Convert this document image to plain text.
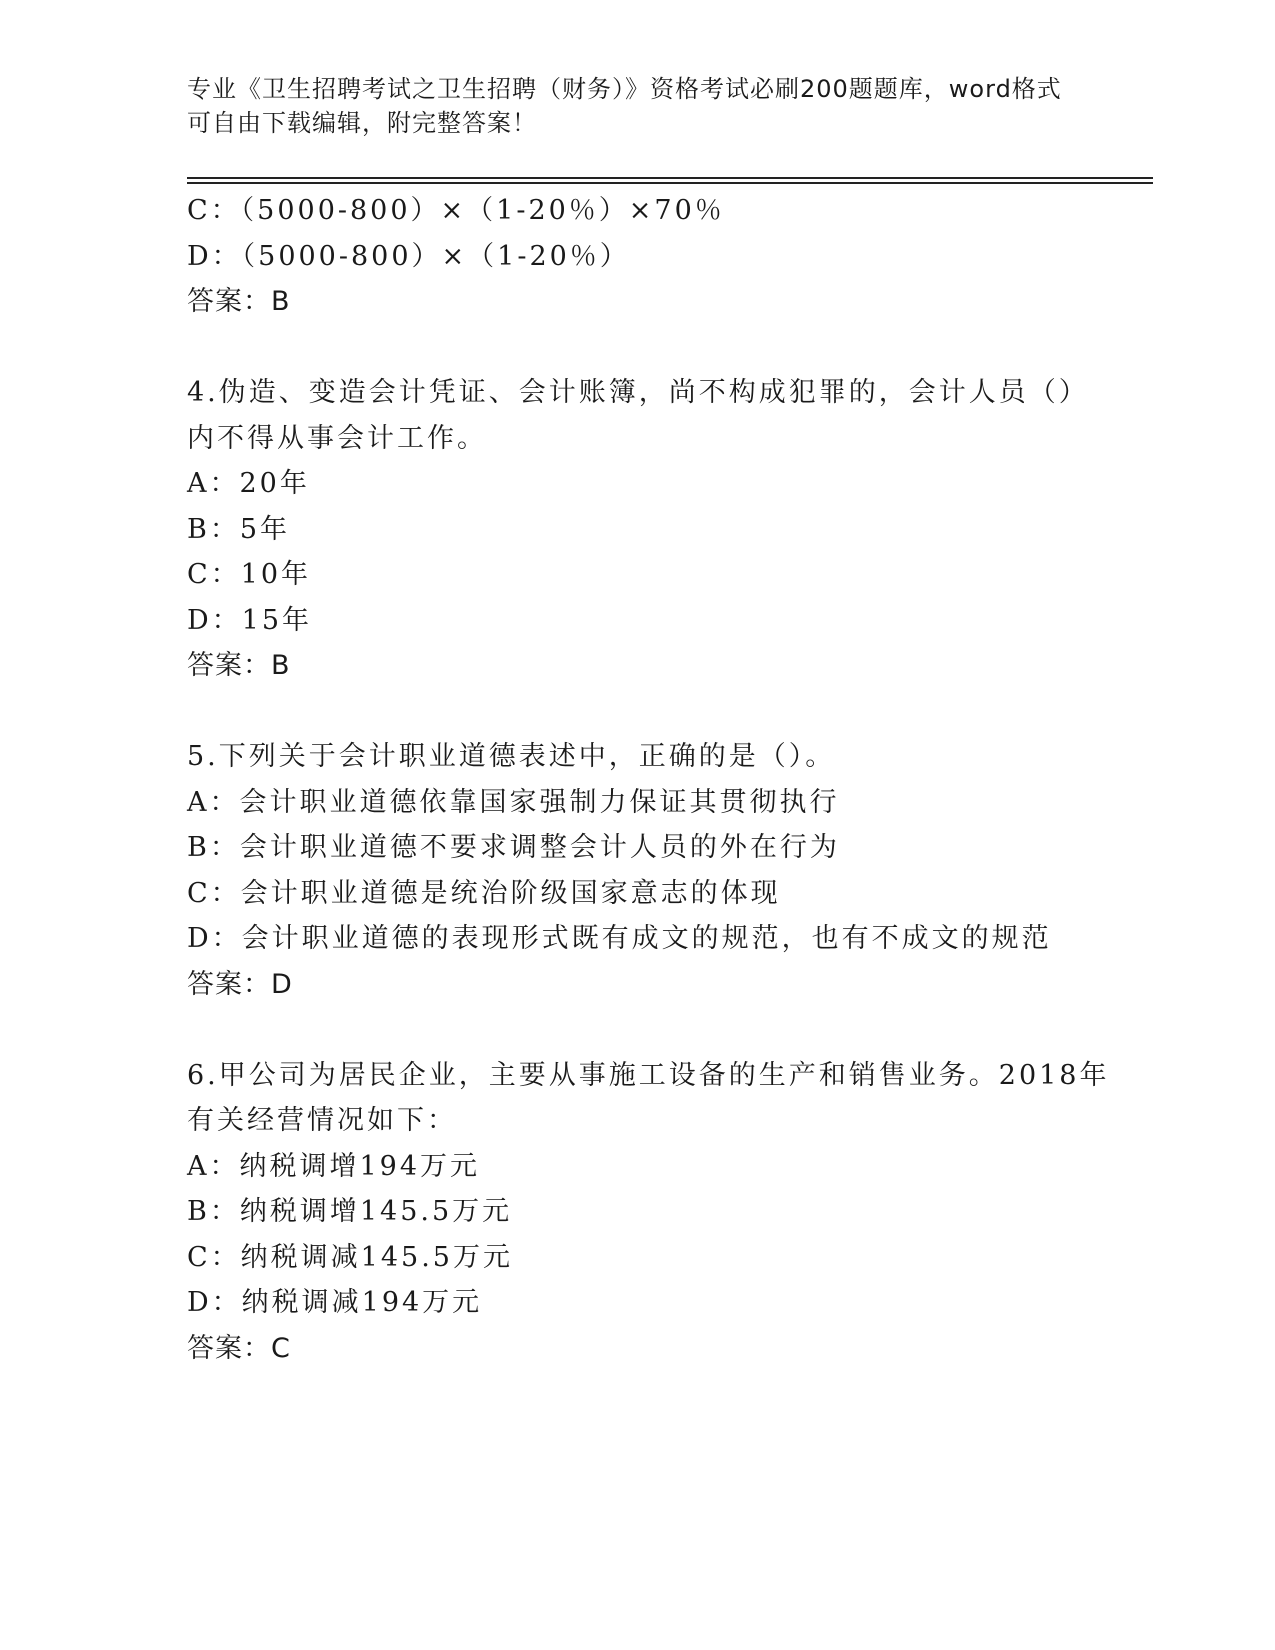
专业《卫生招聘考试之卫生招聘（财务）》资格考试必刷200题题库，word格式
可自由下载编辑，附完整答案！
C：（5000-800）×（1-20％）×70％
D：（5000-800）×（1-20％）
答案：B
4.伪造、变造会计凭证、会计账簿，尚不构成犯罪的，会计人员（）
内不得从事会计工作。
A：20年
B：5年
C：10年
D：15年
答案：B
5.下列关于会计职业道德表述中，正确的是（）。
A：会计职业道德依靠国家强制力保证其贯彻执行
B：会计职业道德不要求调整会计人员的外在行为
C：会计职业道德是统治阶级国家意志的体现
D：会计职业道德的表现形式既有成文的规范，也有不成文的规范
答案：D
6.甲公司为居民企业，主要从事施工设备的生产和销售业务。2018年
有关经营情况如下：
A：纳税调增194万元
B：纳税调增145.5万元
C：纳税调减145.5万元
D：纳税调减194万元
答案：C
